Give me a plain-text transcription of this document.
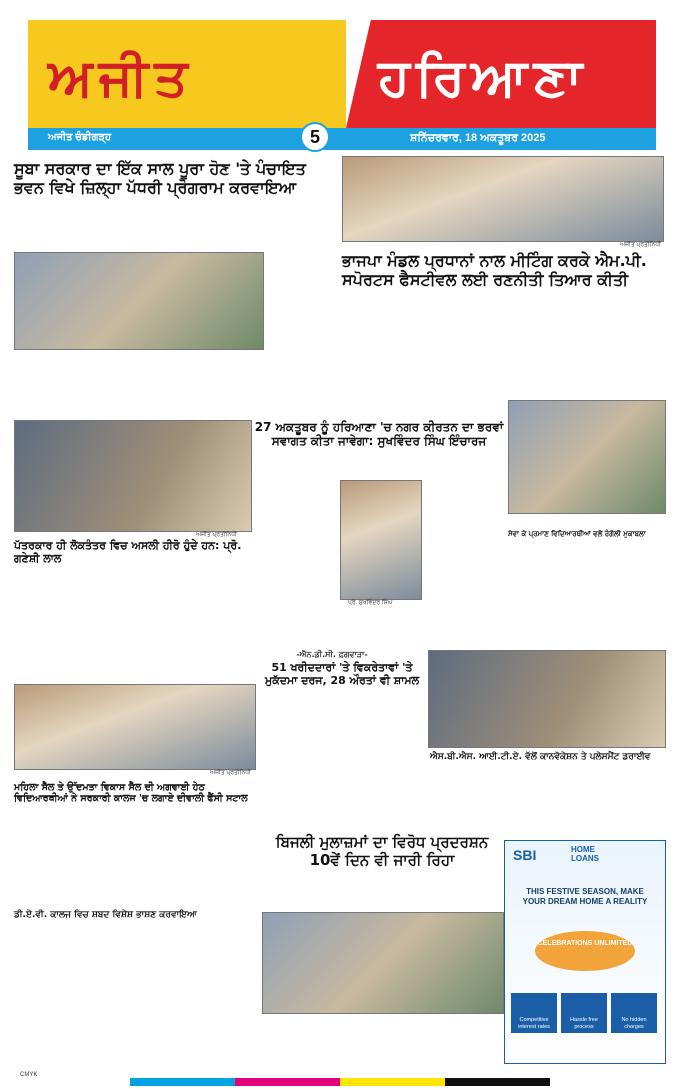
ਅਜੀਤ	ਹਰਿਆਣਾ
ਅਜੀਤ ਚੰਡੀਗੜ੍ਹ	5	ਸ਼ਨਿੱਚਰਵਾਰ, 18 ਅਕਤੂਬਰ 2025
ਸੂਬਾ ਸਰਕਾਰ ਦਾ ਇੱਕ ਸਾਲ ਪੂਰਾ ਹੋਣ 'ਤੇ ਪੰਚਾਇਤ ਭਵਨ ਵਿਖੇ ਜ਼ਿਲ੍ਹਾ ਪੱਧਰੀ ਪ੍ਰੋਗਰਾਮ ਕਰਵਾਇਆ
ਅਜੀਤ ਪ੍ਰਤੀਨਿਧੀ
ਭਾਜਪਾ ਮੰਡਲ ਪ੍ਰਧਾਨਾਂ ਨਾਲ ਮੀਟਿੰਗ ਕਰਕੇ ਐਮ.ਪੀ. ਸਪੋਰਟਸ ਫੈਸਟੀਵਲ ਲਈ ਰਣਨੀਤੀ ਤਿਆਰ ਕੀਤੀ
ਅਜੀਤ ਪ੍ਰਤੀਨਿਧੀ
27 ਅਕਤੂਬਰ ਨੂੰ ਹਰਿਆਣਾ 'ਚ ਨਗਰ ਕੀਰਤਨ ਦਾ ਭਰਵਾਂ ਸਵਾਗਤ ਕੀਤਾ ਜਾਵੇਗਾ: ਸੁਖਵਿੰਦਰ ਸਿੰਘ ਇੰਚਾਰਜ
ਪ੍ਰੋ. ਸੁਖਵਿੰਦਰ ਸਿੰਘ
ਸੇਵਾ ਕੇ ਪ੍ਰਮਾਣ ਵਿਦਿਆਰਥੀਆਂ ਵਲੋਂ ਰੰਗੋਲੀ ਮੁਕਾਬਲਾ
ਪੱਤਰਕਾਰ ਹੀ ਲੋਕਤੰਤਰ ਵਿਚ ਅਸਲੀ ਹੀਰੋ ਹੁੰਦੇ ਹਨ: ਪ੍ਰੋ. ਗਣੇਸ਼ੀ ਲਾਲ
-ਐਨ.ਡੀ.ਸੀ. ਫ਼ਗਵਾੜਾ-
51 ਖਰੀਦਦਾਰਾਂ 'ਤੇ ਵਿਕਰੇਤਾਵਾਂ 'ਤੇ ਮੁਕੱਦਮਾ ਦਰਜ, 28 ਔਰਤਾਂ ਵੀ ਸ਼ਾਮਲ
ਐਸ.ਬੀ.ਐਸ. ਆਈ.ਟੀ.ਏ. ਵੱਲੋਂ ਕਾਨਵੋਕੇਸ਼ਨ ਤੇ ਪਲੇਸਮੈਂਟ ਡਰਾਈਵ
ਅਜੀਤ ਪ੍ਰਤੀਨਿਧੀ
ਮਹਿਲਾ ਸੈੱਲ ਤੇ ਉੱਦਮਤਾ ਵਿਕਾਸ ਸੈੱਲ ਦੀ ਅਗਵਾਈ ਹੇਠ ਵਿਦਿਆਰਥੀਆਂ ਨੇ ਸਰਕਾਰੀ ਕਾਲਜ 'ਚ ਲਗਾਏ ਦੀਵਾਲੀ ਫੈਂਸੀ ਸਟਾਲ
ਬਿਜਲੀ ਮੁਲਾਜ਼ਮਾਂ ਦਾ ਵਿਰੋਧ ਪ੍ਰਦਰਸ਼ਨ 10ਵੇਂ ਦਿਨ ਵੀ ਜਾਰੀ ਰਿਹਾ
ਡੀ.ਏ.ਵੀ. ਕਾਲਜ ਵਿਚ ਸ਼ਬਦ ਵਿਸ਼ੇਸ਼ ਭਾਸ਼ਣ ਕਰਵਾਇਆ
SBI	HOME LOANS
THIS FESTIVE SEASON, MAKE YOUR DREAM HOME A REALITY
CELEBRATIONS UNLIMITED
Competitive interest rates
Hassle free process
No hidden charges
CMYK
